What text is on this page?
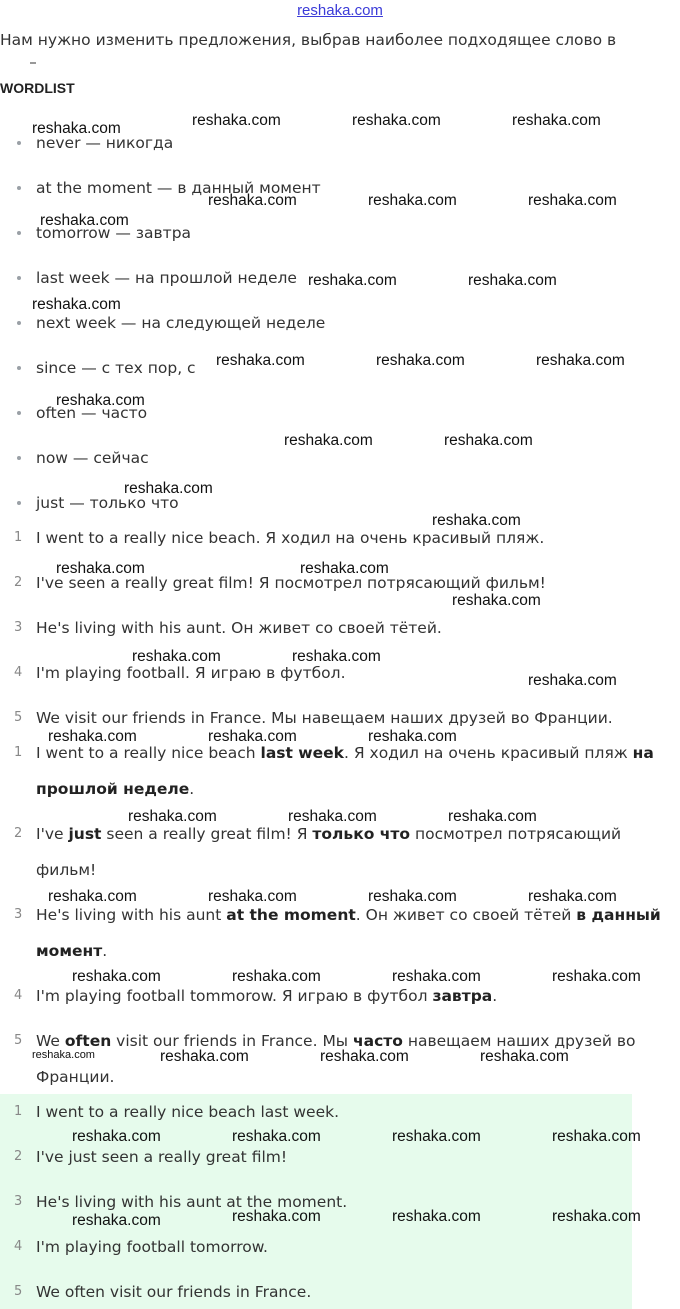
reshaka.com
Нам нужно изменить предложения, выбрав наиболее подходящее слово в
WORDLIST
never — никогда
at the moment — в данный момент
tomorrow — завтра
last week — на прошлой неделе
next week — на следующей неделе
since — с тех пор, с
often — часто
now — сейчас
just — только что
1 I went to a really nice beach. Я ходил на очень красивый пляж.
2 I've seen a really great film! Я посмотрел потрясающий фильм!
3 He's living with his aunt. Он живет со своей тётей.
4 I'm playing football. Я играю в футбол.
5 We visit our friends in France. Мы навещаем наших друзей во Франции.
1 I went to a really nice beach last week. Я ходил на очень красивый пляж на
прошлой неделе.
2 I've just seen a really great film! Я только что посмотрел потрясающий
фильм!
3 He's living with his aunt at the moment. Он живет со своей тётей в данный
момент.
4 I'm playing football tommorow. Я играю в футбол завтра.
5 We often visit our friends in France. Мы часто навещаем наших друзей во
Франции.
1 I went to a really nice beach last week.
2 I've just seen a really great film!
3 He's living with his aunt at the moment.
4 I'm playing football tomorrow.
5 We often visit our friends in France.
reshaka.com	reshaka.com	reshaka.com	reshaka.com
reshaka.com	reshaka.com	reshaka.com
reshaka.com
reshaka.com	reshaka.com
reshaka.com
reshaka.com	reshaka.com	reshaka.com
reshaka.com
reshaka.com	reshaka.com
reshaka.com
reshaka.com
reshaka.com	reshaka.com
reshaka.com
reshaka.com	reshaka.com
reshaka.com
reshaka.com	reshaka.com	reshaka.com
reshaka.com	reshaka.com	reshaka.com
reshaka.com	reshaka.com	reshaka.com	reshaka.com
reshaka.com	reshaka.com	reshaka.com	reshaka.com
reshaka.com	reshaka.com	reshaka.com	reshaka.com
reshaka.com	reshaka.com	reshaka.com	reshaka.com
reshaka.com	reshaka.com	reshaka.com	reshaka.com
